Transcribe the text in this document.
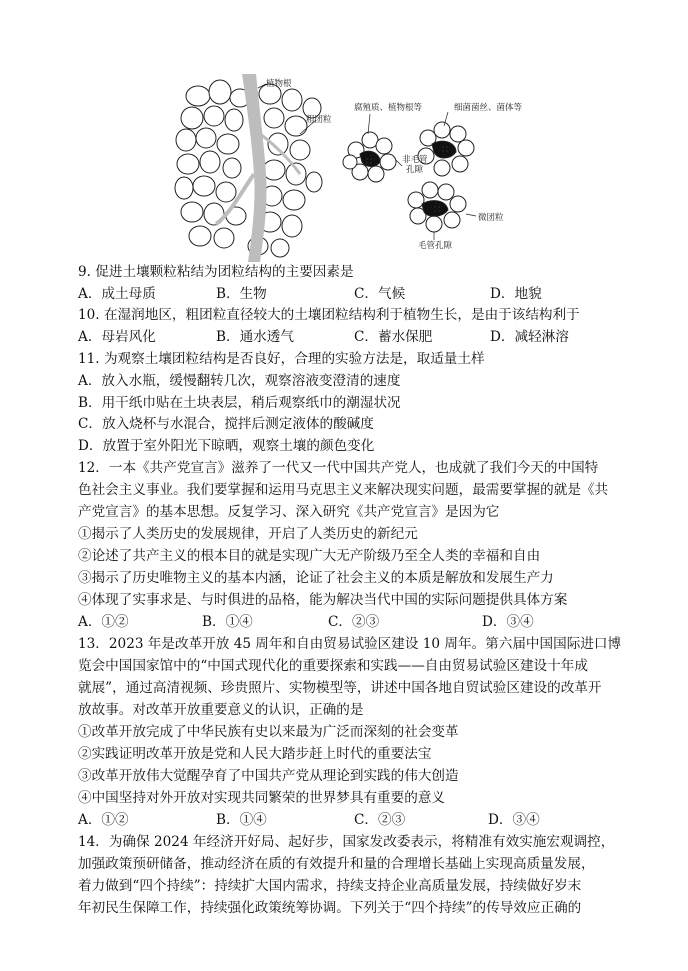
植物根
粗团粒
腐殖质、植物根等	细菌菌丝、菌体等
非毛管
孔隙
微团粒
毛管孔隙
9. 促进土壤颗粒粘结为团粒结构的主要因素是
A．成土母质	B．生物	C．气候	D．地貌
10. 在湿润地区，粗团粒直径较大的土壤团粒结构利于植物生长，是由于该结构利于
A．母岩风化	B．通水透气	C．蓄水保肥	D．减轻淋溶
11. 为观察土壤团粒结构是否良好，合理的实验方法是，取适量土样
A．放入水瓶，缓慢翻转几次，观察溶液变澄清的速度
B．用干纸巾贴在土块表层，稍后观察纸巾的潮湿状况
C．放入烧杯与水混合，搅拌后测定液体的酸碱度
D．放置于室外阳光下晾晒，观察土壤的颜色变化
12．一本《共产党宣言》滋养了一代又一代中国共产党人，也成就了我们今天的中国特
色社会主义事业。我们要掌握和运用马克思主义来解决现实问题，最需要掌握的就是《共
产党宣言》的基本思想。反复学习、深入研究《共产党宣言》是因为它
①揭示了人类历史的发展规律，开启了人类历史的新纪元
②论述了共产主义的根本目的就是实现广大无产阶级乃至全人类的幸福和自由
③揭示了历史唯物主义的基本内涵，论证了社会主义的本质是解放和发展生产力
④体现了实事求是、与时俱进的品格，能为解决当代中国的实际问题提供具体方案
A．①②	B．①④	C．②③	D．③④
13．2023 年是改革开放 45 周年和自由贸易试验区建设 10 周年。第六届中国国际进口博
览会中国国家馆中的“中国式现代化的重要探索和实践——自由贸易试验区建设十年成
就展”，通过高清视频、珍贵照片、实物模型等，讲述中国各地自贸试验区建设的改革开
放故事。对改革开放重要意义的认识，正确的是
①改革开放完成了中华民族有史以来最为广泛而深刻的社会变革
②实践证明改革开放是党和人民大踏步赶上时代的重要法宝
③改革开放伟大觉醒孕育了中国共产党从理论到实践的伟大创造
④中国坚持对外开放对实现共同繁荣的世界梦具有重要的意义
A．①②	B．①④	C．②③	D．③④
14．为确保 2024 年经济开好局、起好步，国家发改委表示，将精准有效实施宏观调控，
加强政策预研储备，推动经济在质的有效提升和量的合理增长基础上实现高质量发展，
着力做到“四个持续”：持续扩大国内需求，持续支持企业高质量发展，持续做好岁末
年初民生保障工作，持续强化政策统筹协调。下列关于“四个持续”的传导效应正确的
